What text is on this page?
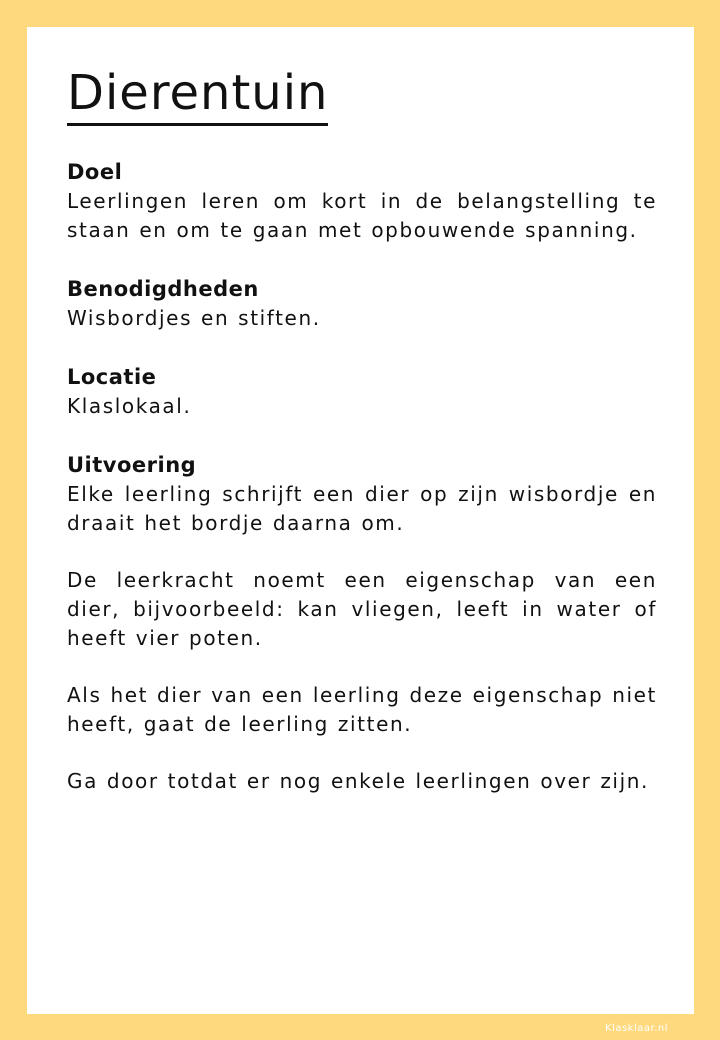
Dierentuin
Doel

Leerlingen leren om kort in de belangstelling te staan en om te gaan met opbouwende spanning.

Benodigdheden

Wisbordjes en stiften.

Locatie

Klaslokaal.

Uitvoering

Elke leerling schrijft een dier op zijn wisbordje en draait het bordje daarna om.

De leerkracht noemt een eigenschap van een dier, bijvoorbeeld: kan vliegen, leeft in water of heeft vier poten.

Als het dier van een leerling deze eigenschap niet heeft, gaat de leerling zitten.

Ga door totdat er nog enkele leerlingen over zijn.

Klasklaar.nl
